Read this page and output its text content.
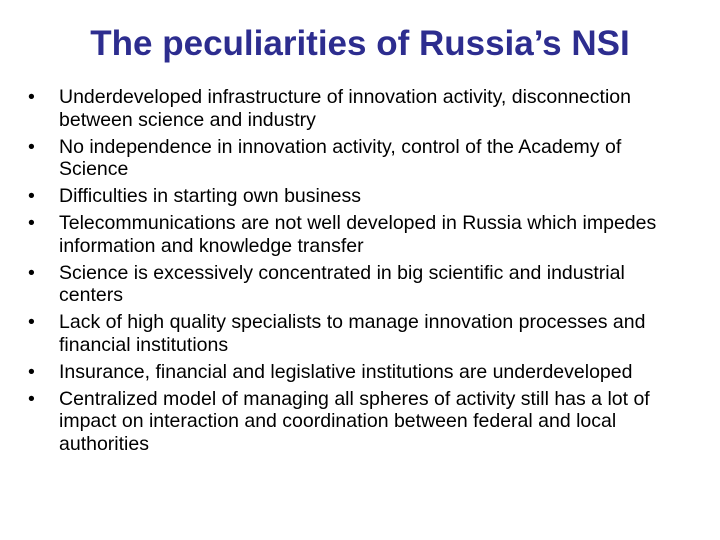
The peculiarities of Russia’s NSI
•	Underdeveloped infrastructure of innovation activity, disconnection between science and industry
•	No independence in innovation activity, control of the Academy of Science
•	Difficulties in starting own business
•	Telecommunications are not well developed in Russia which impedes information and knowledge transfer
•	Science is excessively concentrated in big scientific and industrial centers
•	Lack of high quality specialists to manage innovation processes and financial institutions
•	Insurance, financial and legislative institutions are underdeveloped
•	Centralized model of managing all spheres of activity still has a lot of impact on interaction and coordination between federal and local authorities
